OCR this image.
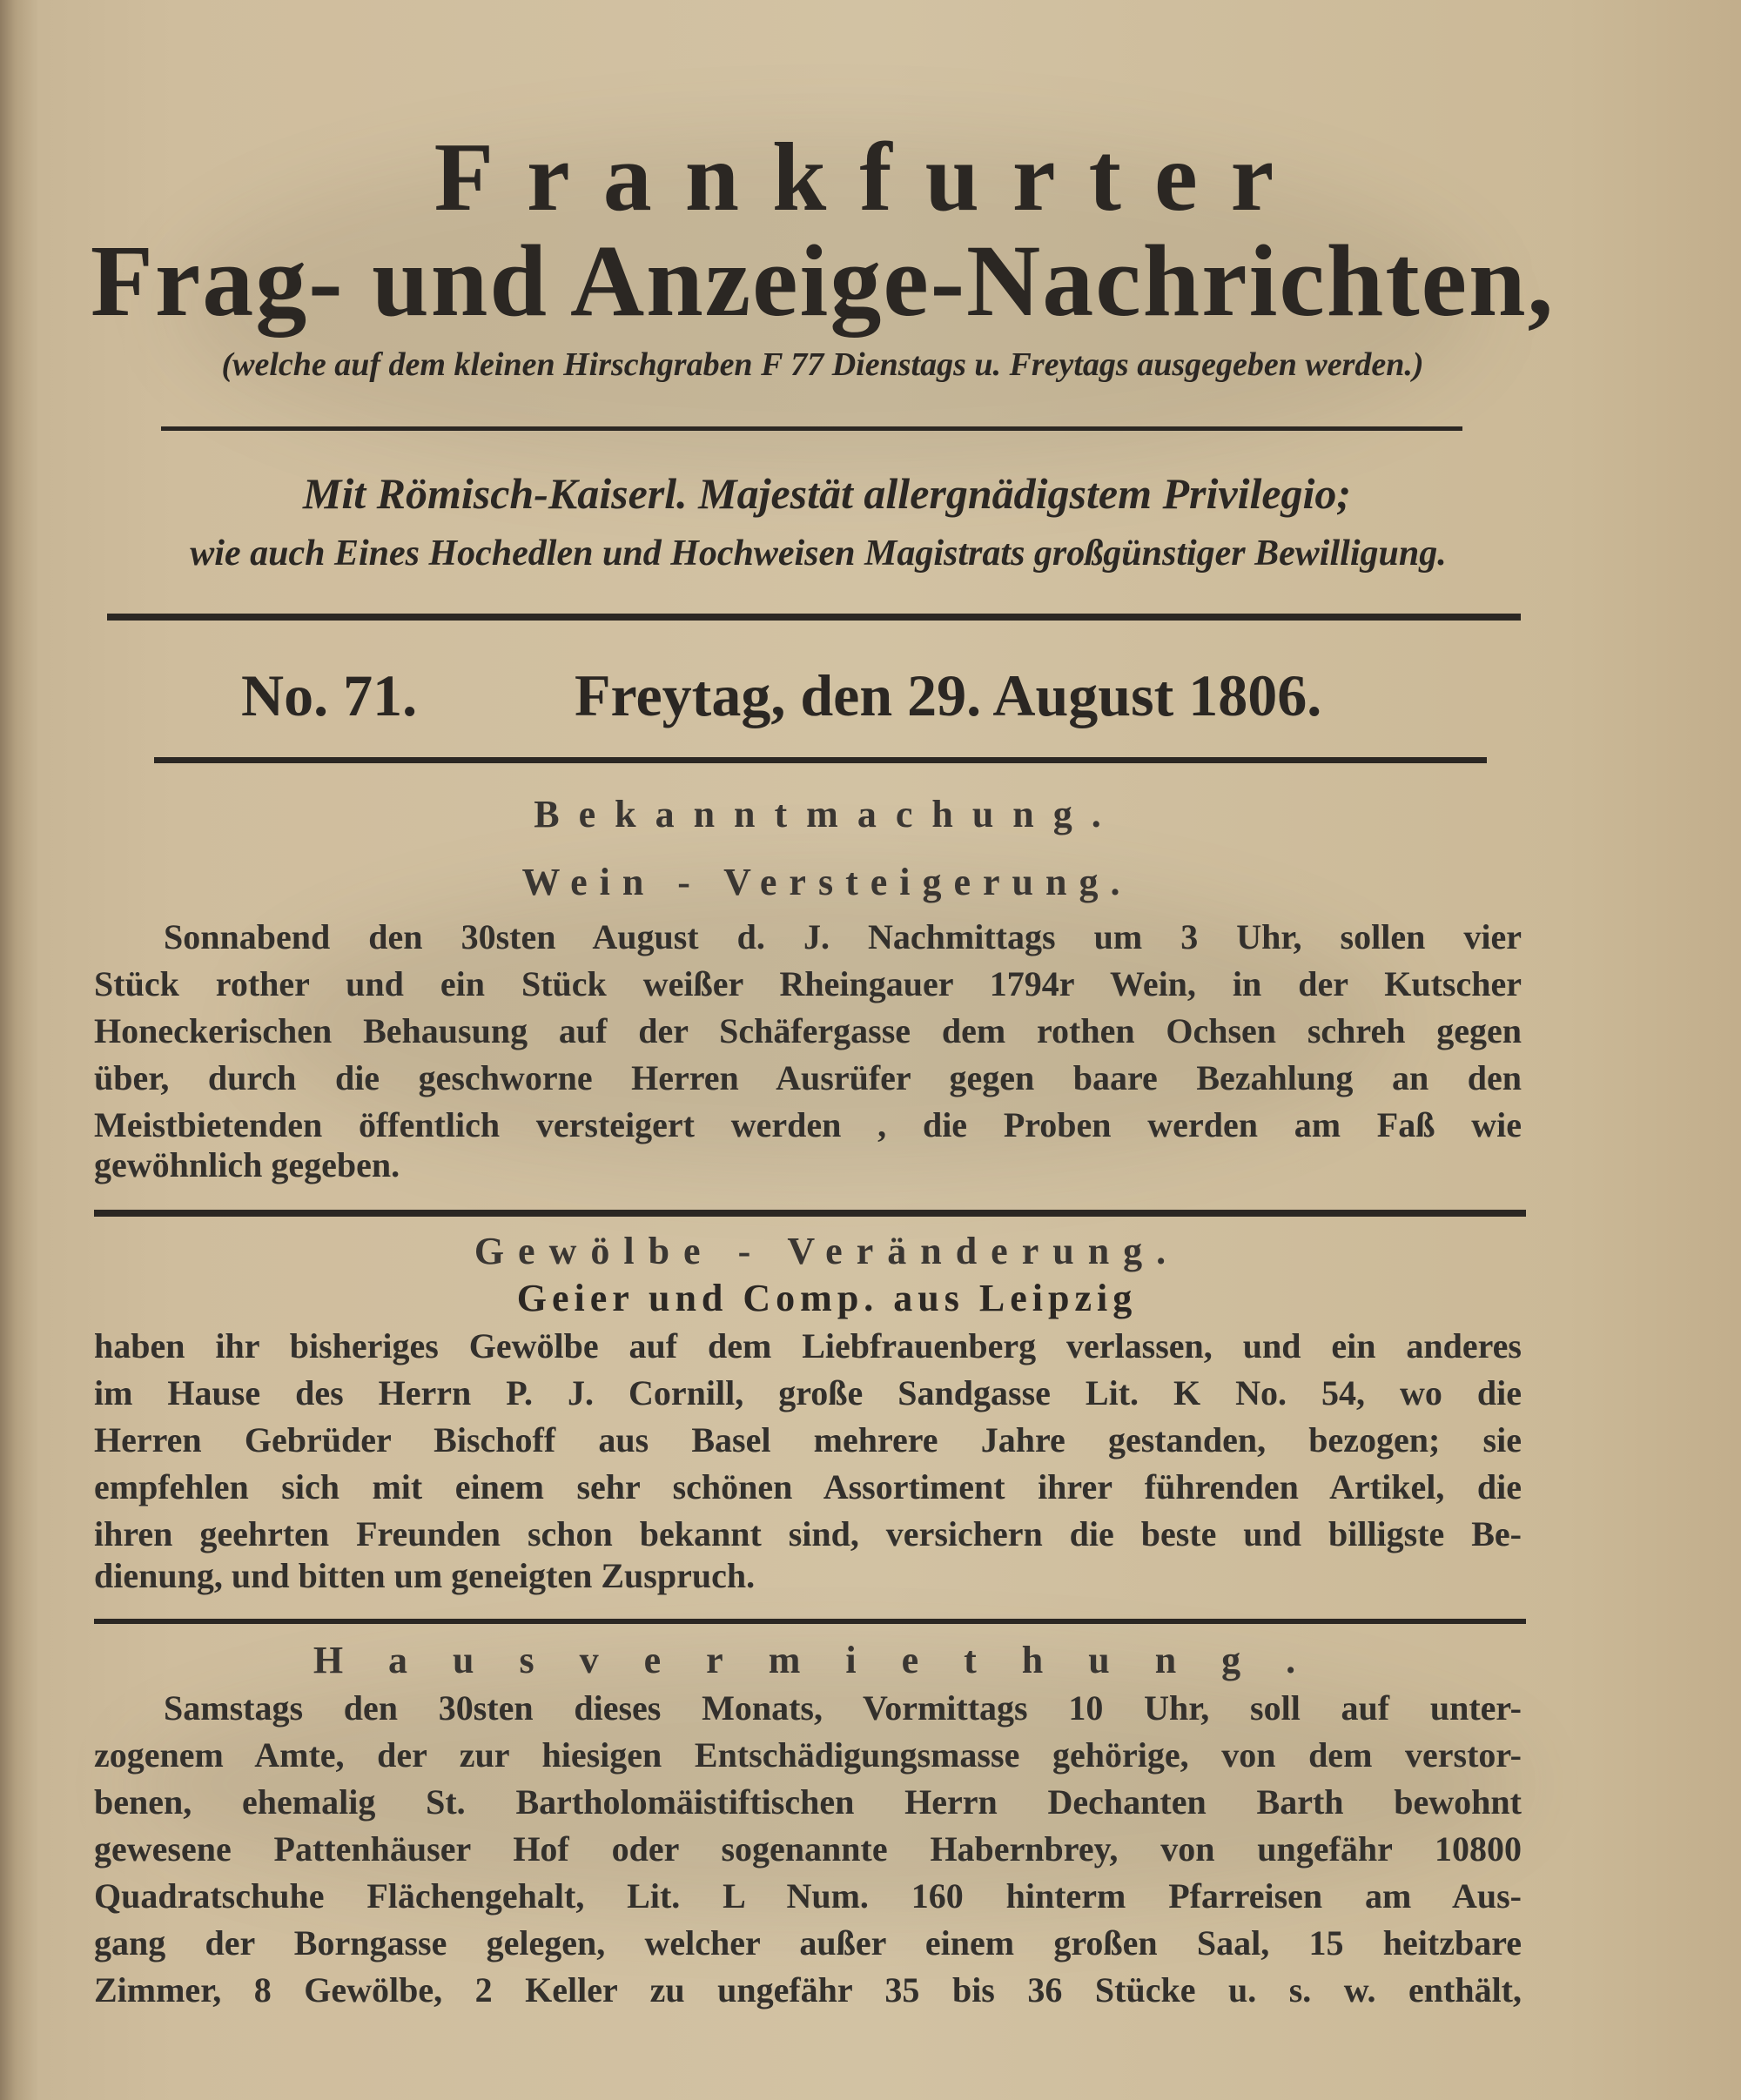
Frankfurter
Frag- und Anzeige-Nachrichten,
(welche auf dem kleinen Hirschgraben F 77 Dienstags u. Freytags ausgegeben werden.)
Mit Römisch-Kaiserl. Majestät allergnädigstem Privilegio;
wie auch Eines Hochedlen und Hochweisen Magistrats großgünstiger Bewilligung.
No. 71.	Freytag, den 29. August 1806.
Bekanntmachung.
Wein - Versteigerung.
Sonnabend den 30sten August d. J. Nachmittags um 3 Uhr, sollen vier
Stück rother und ein Stück weißer Rheingauer 1794r Wein, in der Kutscher
Honeckerischen Behausung auf der Schäfergasse dem rothen Ochsen schreh gegen
über, durch die geschworne Herren Ausrüfer gegen baare Bezahlung an den
Meistbietenden öffentlich versteigert werden , die Proben werden am Faß wie
gewöhnlich gegeben.
Gewölbe - Veränderung.
Geier und Comp. aus Leipzig
haben ihr bisheriges Gewölbe auf dem Liebfrauenberg verlassen, und ein anderes
im Hause des Herrn P. J. Cornill, große Sandgasse Lit. K No. 54, wo die
Herren Gebrüder Bischoff aus Basel mehrere Jahre gestanden, bezogen; sie
empfehlen sich mit einem sehr schönen Assortiment ihrer führenden Artikel, die
ihren geehrten Freunden schon bekannt sind, versichern die beste und billigste Be-
dienung, und bitten um geneigten Zuspruch.
Hausvermiethung.
Samstags den 30sten dieses Monats, Vormittags 10 Uhr, soll auf unter-
zogenem Amte, der zur hiesigen Entschädigungsmasse gehörige, von dem verstor-
benen, ehemalig St. Bartholomäistiftischen Herrn Dechanten Barth bewohnt
gewesene Pattenhäuser Hof oder sogenannte Habernbrey, von ungefähr 10800
Quadratschuhe Flächengehalt, Lit. L Num. 160 hinterm Pfarreisen am Aus-
gang der Borngasse gelegen, welcher außer einem großen Saal, 15 heitzbare
Zimmer, 8 Gewölbe, 2 Keller zu ungefähr 35 bis 36 Stücke u. s. w. enthält,
